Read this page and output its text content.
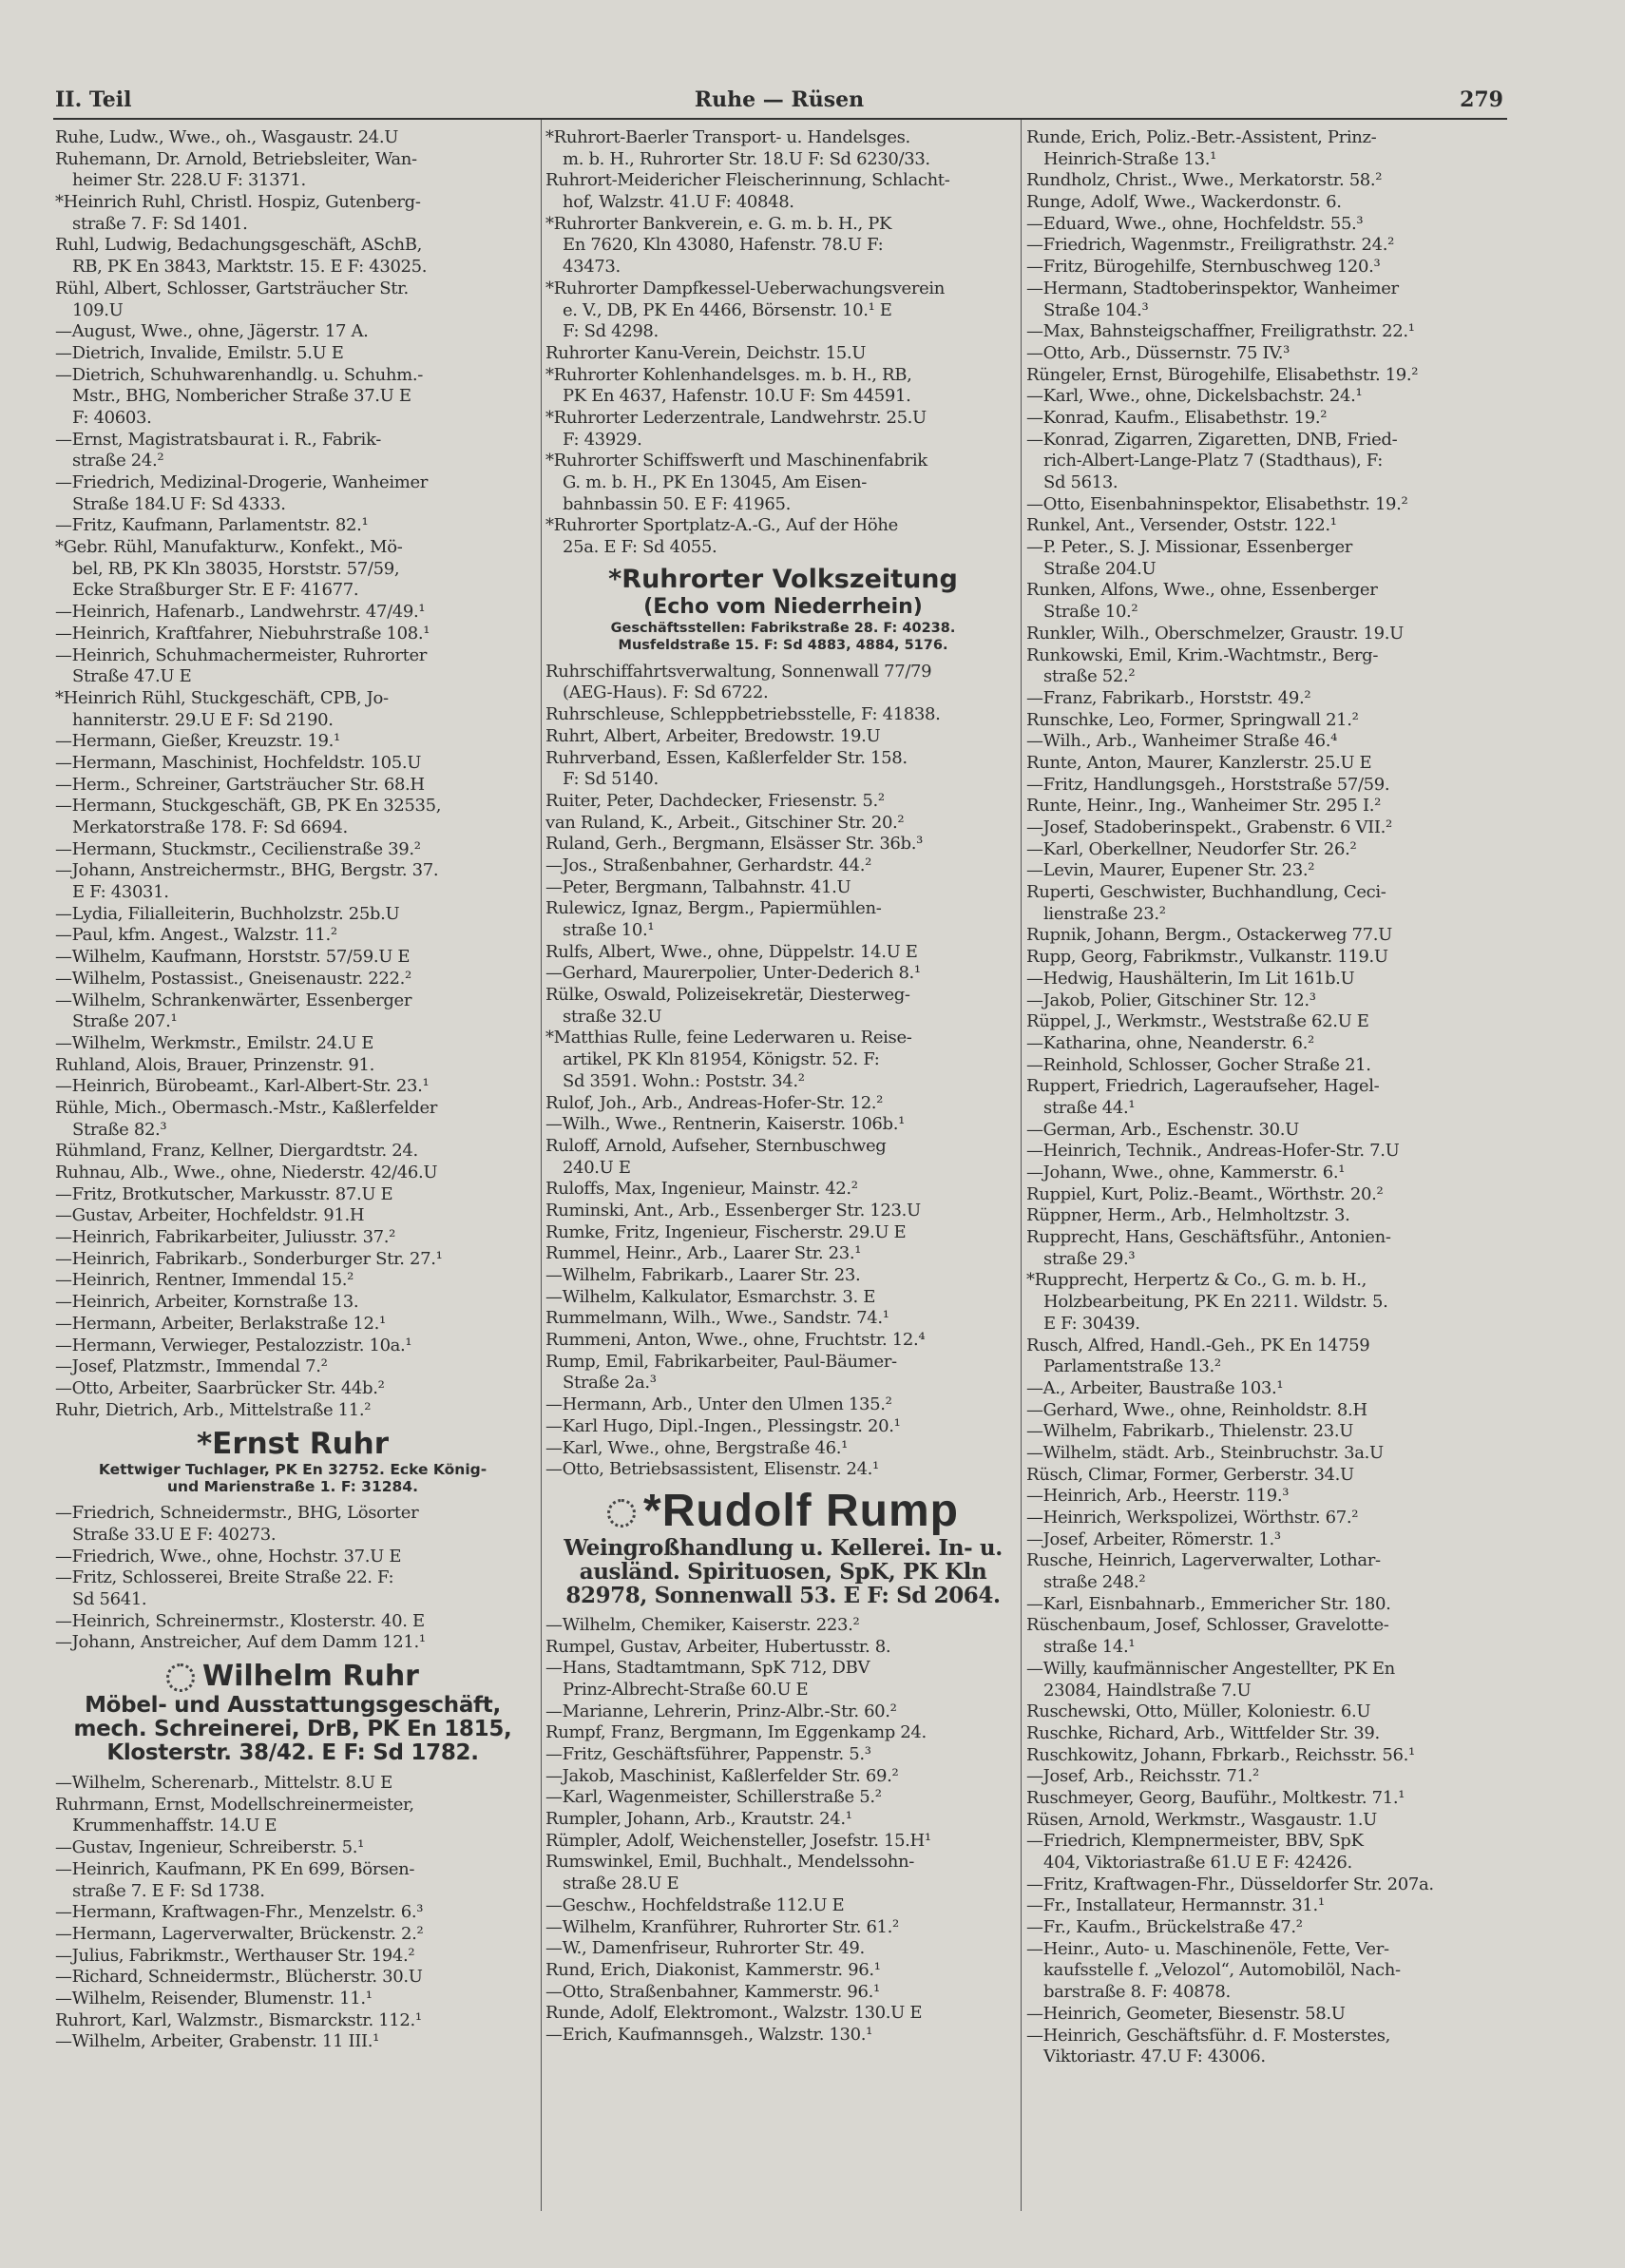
II. Teil	Ruhe — Rüsen	279
Ruhe, Ludw., Wwe., oh., Wasgaustr. 24.U
Ruhemann, Dr. Arnold, Betriebsleiter, Wan-
heimer Str. 228.U F: 31371.
*Heinrich Ruhl, Christl. Hospiz, Gutenberg-
straße 7. F: Sd 1401.
Ruhl, Ludwig, Bedachungsgeschäft, ASchB,
RB, PK En 3843, Marktstr. 15. E F: 43025.
Rühl, Albert, Schlosser, Gartsträucher Str.
109.U
—August, Wwe., ohne, Jägerstr. 17 A.
—Dietrich, Invalide, Emilstr. 5.U E
—Dietrich, Schuhwarenhandlg. u. Schuhm.-
Mstr., BHG, Nombericher Straße 37.U E
F: 40603.
—Ernst, Magistratsbaurat i. R., Fabrik-
straße 24.²
—Friedrich, Medizinal-Drogerie, Wanheimer
Straße 184.U F: Sd 4333.
—Fritz, Kaufmann, Parlamentstr. 82.¹
*Gebr. Rühl, Manufakturw., Konfekt., Mö-
bel, RB, PK Kln 38035, Horststr. 57/59,
Ecke Straßburger Str. E F: 41677.
—Heinrich, Hafenarb., Landwehrstr. 47/49.¹
—Heinrich, Kraftfahrer, Niebuhrstraße 108.¹
—Heinrich, Schuhmachermeister, Ruhrorter
Straße 47.U E
*Heinrich Rühl, Stuckgeschäft, CPB, Jo-
hanniterstr. 29.U E F: Sd 2190.
—Hermann, Gießer, Kreuzstr. 19.¹
—Hermann, Maschinist, Hochfeldstr. 105.U
—Herm., Schreiner, Gartsträucher Str. 68.H
—Hermann, Stuckgeschäft, GB, PK En 32535,
Merkatorstraße 178. F: Sd 6694.
—Hermann, Stuckmstr., Cecilienstraße 39.²
—Johann, Anstreichermstr., BHG, Bergstr. 37.
E F: 43031.
—Lydia, Filialleiterin, Buchholzstr. 25b.U
—Paul, kfm. Angest., Walzstr. 11.²
—Wilhelm, Kaufmann, Horststr. 57/59.U E
—Wilhelm, Postassist., Gneisenaustr. 222.²
—Wilhelm, Schrankenwärter, Essenberger
Straße 207.¹
—Wilhelm, Werkmstr., Emilstr. 24.U E
Ruhland, Alois, Brauer, Prinzenstr. 91.
—Heinrich, Bürobeamt., Karl-Albert-Str. 23.¹
Rühle, Mich., Obermasch.-Mstr., Kaßlerfelder
Straße 82.³
Rühmland, Franz, Kellner, Diergardtstr. 24.
Ruhnau, Alb., Wwe., ohne, Niederstr. 42/46.U
—Fritz, Brotkutscher, Markusstr. 87.U E
—Gustav, Arbeiter, Hochfeldstr. 91.H
—Heinrich, Fabrikarbeiter, Juliusstr. 37.²
—Heinrich, Fabrikarb., Sonderburger Str. 27.¹
—Heinrich, Rentner, Immendal 15.²
—Heinrich, Arbeiter, Kornstraße 13.
—Hermann, Arbeiter, Berlakstraße 12.¹
—Hermann, Verwieger, Pestalozzistr. 10a.¹
—Josef, Platzmstr., Immendal 7.²
—Otto, Arbeiter, Saarbrücker Str. 44b.²
Ruhr, Dietrich, Arb., Mittelstraße 11.²
*Ernst Ruhr
Kettwiger Tuchlager, PK En 32752. Ecke König-
und Marienstraße 1. F: 31284.
—Friedrich, Schneidermstr., BHG, Lösorter
Straße 33.U E F: 40273.
—Friedrich, Wwe., ohne, Hochstr. 37.U E
—Fritz, Schlosserei, Breite Straße 22. F:
Sd 5641.
—Heinrich, Schreinermstr., Klosterstr. 40. E
—Johann, Anstreicher, Auf dem Damm 121.¹
Wilhelm Ruhr
Möbel- und Ausstattungsgeschäft,
mech. Schreinerei, DrB, PK En 1815,
Klosterstr. 38/42. E F: Sd 1782.
—Wilhelm, Scherenarb., Mittelstr. 8.U E
Ruhrmann, Ernst, Modellschreinermeister,
Krummenhaffstr. 14.U E
—Gustav, Ingenieur, Schreiberstr. 5.¹
—Heinrich, Kaufmann, PK En 699, Börsen-
straße 7. E F: Sd 1738.
—Hermann, Kraftwagen-Fhr., Menzelstr. 6.³
—Hermann, Lagerverwalter, Brückenstr. 2.²
—Julius, Fabrikmstr., Werthauser Str. 194.²
—Richard, Schneidermstr., Blücherstr. 30.U
—Wilhelm, Reisender, Blumenstr. 11.¹
Ruhrort, Karl, Walzmstr., Bismarckstr. 112.¹
—Wilhelm, Arbeiter, Grabenstr. 11 III.¹
*Ruhrort-Baerler Transport- u. Handelsges.
m. b. H., Ruhrorter Str. 18.U F: Sd 6230/33.
Ruhrort-Meidericher Fleischerinnung, Schlacht-
hof, Walzstr. 41.U F: 40848.
*Ruhrorter Bankverein, e. G. m. b. H., PK
En 7620, Kln 43080, Hafenstr. 78.U F:
43473.
*Ruhrorter Dampfkessel-Ueberwachungsverein
e. V., DB, PK En 4466, Börsenstr. 10.¹ E
F: Sd 4298.
Ruhrorter Kanu-Verein, Deichstr. 15.U
*Ruhrorter Kohlenhandelsges. m. b. H., RB,
PK En 4637, Hafenstr. 10.U F: Sm 44591.
*Ruhrorter Lederzentrale, Landwehrstr. 25.U
F: 43929.
*Ruhrorter Schiffswerft und Maschinenfabrik
G. m. b. H., PK En 13045, Am Eisen-
bahnbassin 50. E F: 41965.
*Ruhrorter Sportplatz-A.-G., Auf der Höhe
25a. E F: Sd 4055.
*Ruhrorter Volkszeitung
(Echo vom Niederrhein)
Geschäftsstellen: Fabrikstraße 28. F: 40238.
Musfeldstraße 15. F: Sd 4883, 4884, 5176.
Ruhrschiffahrtsverwaltung, Sonnenwall 77/79
(AEG-Haus). F: Sd 6722.
Ruhrschleuse, Schleppbetriebsstelle, F: 41838.
Ruhrt, Albert, Arbeiter, Bredowstr. 19.U
Ruhrverband, Essen, Kaßlerfelder Str. 158.
F: Sd 5140.
Ruiter, Peter, Dachdecker, Friesenstr. 5.²
van Ruland, K., Arbeit., Gitschiner Str. 20.²
Ruland, Gerh., Bergmann, Elsässer Str. 36b.³
—Jos., Straßenbahner, Gerhardstr. 44.²
—Peter, Bergmann, Talbahnstr. 41.U
Rulewicz, Ignaz, Bergm., Papiermühlen-
straße 10.¹
Rulfs, Albert, Wwe., ohne, Düppelstr. 14.U E
—Gerhard, Maurerpolier, Unter-Dederich 8.¹
Rülke, Oswald, Polizeisekretär, Diesterweg-
straße 32.U
*Matthias Rulle, feine Lederwaren u. Reise-
artikel, PK Kln 81954, Königstr. 52. F:
Sd 3591. Wohn.: Poststr. 34.²
Rulof, Joh., Arb., Andreas-Hofer-Str. 12.²
—Wilh., Wwe., Rentnerin, Kaiserstr. 106b.¹
Ruloff, Arnold, Aufseher, Sternbuschweg
240.U E
Ruloffs, Max, Ingenieur, Mainstr. 42.²
Ruminski, Ant., Arb., Essenberger Str. 123.U
Rumke, Fritz, Ingenieur, Fischerstr. 29.U E
Rummel, Heinr., Arb., Laarer Str. 23.¹
—Wilhelm, Fabrikarb., Laarer Str. 23.
—Wilhelm, Kalkulator, Esmarchstr. 3. E
Rummelmann, Wilh., Wwe., Sandstr. 74.¹
Rummeni, Anton, Wwe., ohne, Fruchtstr. 12.⁴
Rump, Emil, Fabrikarbeiter, Paul-Bäumer-
Straße 2a.³
—Hermann, Arb., Unter den Ulmen 135.²
—Karl Hugo, Dipl.-Ingen., Plessingstr. 20.¹
—Karl, Wwe., ohne, Bergstraße 46.¹
—Otto, Betriebsassistent, Elisenstr. 24.¹
*Rudolf Rump
Weingroßhandlung u. Kellerei. In- u.
ausländ. Spirituosen, SpK, PK Kln
82978, Sonnenwall 53. E F: Sd 2064.
—Wilhelm, Chemiker, Kaiserstr. 223.²
Rumpel, Gustav, Arbeiter, Hubertusstr. 8.
—Hans, Stadtamtmann, SpK 712, DBV
Prinz-Albrecht-Straße 60.U E
—Marianne, Lehrerin, Prinz-Albr.-Str. 60.²
Rumpf, Franz, Bergmann, Im Eggenkamp 24.
—Fritz, Geschäftsführer, Pappenstr. 5.³
—Jakob, Maschinist, Kaßlerfelder Str. 69.²
—Karl, Wagenmeister, Schillerstraße 5.²
Rumpler, Johann, Arb., Krautstr. 24.¹
Rümpler, Adolf, Weichensteller, Josefstr. 15.H¹
Rumswinkel, Emil, Buchhalt., Mendelssohn-
straße 28.U E
—Geschw., Hochfeldstraße 112.U E
—Wilhelm, Kranführer, Ruhrorter Str. 61.²
—W., Damenfriseur, Ruhrorter Str. 49.
Rund, Erich, Diakonist, Kammerstr. 96.¹
—Otto, Straßenbahner, Kammerstr. 96.¹
Runde, Adolf, Elektromont., Walzstr. 130.U E
—Erich, Kaufmannsgeh., Walzstr. 130.¹
Runde, Erich, Poliz.-Betr.-Assistent, Prinz-
Heinrich-Straße 13.¹
Rundholz, Christ., Wwe., Merkatorstr. 58.²
Runge, Adolf, Wwe., Wackerdonstr. 6.
—Eduard, Wwe., ohne, Hochfeldstr. 55.³
—Friedrich, Wagenmstr., Freiligrathstr. 24.²
—Fritz, Bürogehilfe, Sternbuschweg 120.³
—Hermann, Stadtoberinspektor, Wanheimer
Straße 104.³
—Max, Bahnsteigschaffner, Freiligrathstr. 22.¹
—Otto, Arb., Düssernstr. 75 IV.³
Rüngeler, Ernst, Bürogehilfe, Elisabethstr. 19.²
—Karl, Wwe., ohne, Dickelsbachstr. 24.¹
—Konrad, Kaufm., Elisabethstr. 19.²
—Konrad, Zigarren, Zigaretten, DNB, Fried-
rich-Albert-Lange-Platz 7 (Stadthaus), F:
Sd 5613.
—Otto, Eisenbahninspektor, Elisabethstr. 19.²
Runkel, Ant., Versender, Oststr. 122.¹
—P. Peter., S. J. Missionar, Essenberger
Straße 204.U
Runken, Alfons, Wwe., ohne, Essenberger
Straße 10.²
Runkler, Wilh., Oberschmelzer, Graustr. 19.U
Runkowski, Emil, Krim.-Wachtmstr., Berg-
straße 52.²
—Franz, Fabrikarb., Horststr. 49.²
Runschke, Leo, Former, Springwall 21.²
—Wilh., Arb., Wanheimer Straße 46.⁴
Runte, Anton, Maurer, Kanzlerstr. 25.U E
—Fritz, Handlungsgeh., Horststraße 57/59.
Runte, Heinr., Ing., Wanheimer Str. 295 I.²
—Josef, Stadoberinspekt., Grabenstr. 6 VII.²
—Karl, Oberkellner, Neudorfer Str. 26.²
—Levin, Maurer, Eupener Str. 23.²
Ruperti, Geschwister, Buchhandlung, Ceci-
lienstraße 23.²
Rupnik, Johann, Bergm., Ostackerweg 77.U
Rupp, Georg, Fabrikmstr., Vulkanstr. 119.U
—Hedwig, Haushälterin, Im Lit 161b.U
—Jakob, Polier, Gitschiner Str. 12.³
Rüppel, J., Werkmstr., Weststraße 62.U E
—Katharina, ohne, Neanderstr. 6.²
—Reinhold, Schlosser, Gocher Straße 21.
Ruppert, Friedrich, Lageraufseher, Hagel-
straße 44.¹
—German, Arb., Eschenstr. 30.U
—Heinrich, Technik., Andreas-Hofer-Str. 7.U
—Johann, Wwe., ohne, Kammerstr. 6.¹
Ruppiel, Kurt, Poliz.-Beamt., Wörthstr. 20.²
Rüppner, Herm., Arb., Helmholtzstr. 3.
Rupprecht, Hans, Geschäftsführ., Antonien-
straße 29.³
*Rupprecht, Herpertz & Co., G. m. b. H.,
Holzbearbeitung, PK En 2211. Wildstr. 5.
E F: 30439.
Rusch, Alfred, Handl.-Geh., PK En 14759
Parlamentstraße 13.²
—A., Arbeiter, Baustraße 103.¹
—Gerhard, Wwe., ohne, Reinholdstr. 8.H
—Wilhelm, Fabrikarb., Thielenstr. 23.U
—Wilhelm, städt. Arb., Steinbruchstr. 3a.U
Rüsch, Climar, Former, Gerberstr. 34.U
—Heinrich, Arb., Heerstr. 119.³
—Heinrich, Werkspolizei, Wörthstr. 67.²
—Josef, Arbeiter, Römerstr. 1.³
Rusche, Heinrich, Lagerverwalter, Lothar-
straße 248.²
—Karl, Eisnbahnarb., Emmericher Str. 180.
Rüschenbaum, Josef, Schlosser, Gravelotte-
straße 14.¹
—Willy, kaufmännischer Angestellter, PK En
23084, Haindlstraße 7.U
Ruschewski, Otto, Müller, Koloniestr. 6.U
Ruschke, Richard, Arb., Wittfelder Str. 39.
Ruschkowitz, Johann, Fbrkarb., Reichsstr. 56.¹
—Josef, Arb., Reichsstr. 71.²
Ruschmeyer, Georg, Bauführ., Moltkestr. 71.¹
Rüsen, Arnold, Werkmstr., Wasgaustr. 1.U
—Friedrich, Klempnermeister, BBV, SpK
404, Viktoriastraße 61.U E F: 42426.
—Fritz, Kraftwagen-Fhr., Düsseldorfer Str. 207a.
—Fr., Installateur, Hermannstr. 31.¹
—Fr., Kaufm., Brückelstraße 47.²
—Heinr., Auto- u. Maschinenöle, Fette, Ver-
kaufsstelle f. „Velozol“, Automobilöl, Nach-
barstraße 8. F: 40878.
—Heinrich, Geometer, Biesenstr. 58.U
—Heinrich, Geschäftsführ. d. F. Mosterstes,
Viktoriastr. 47.U F: 43006.
